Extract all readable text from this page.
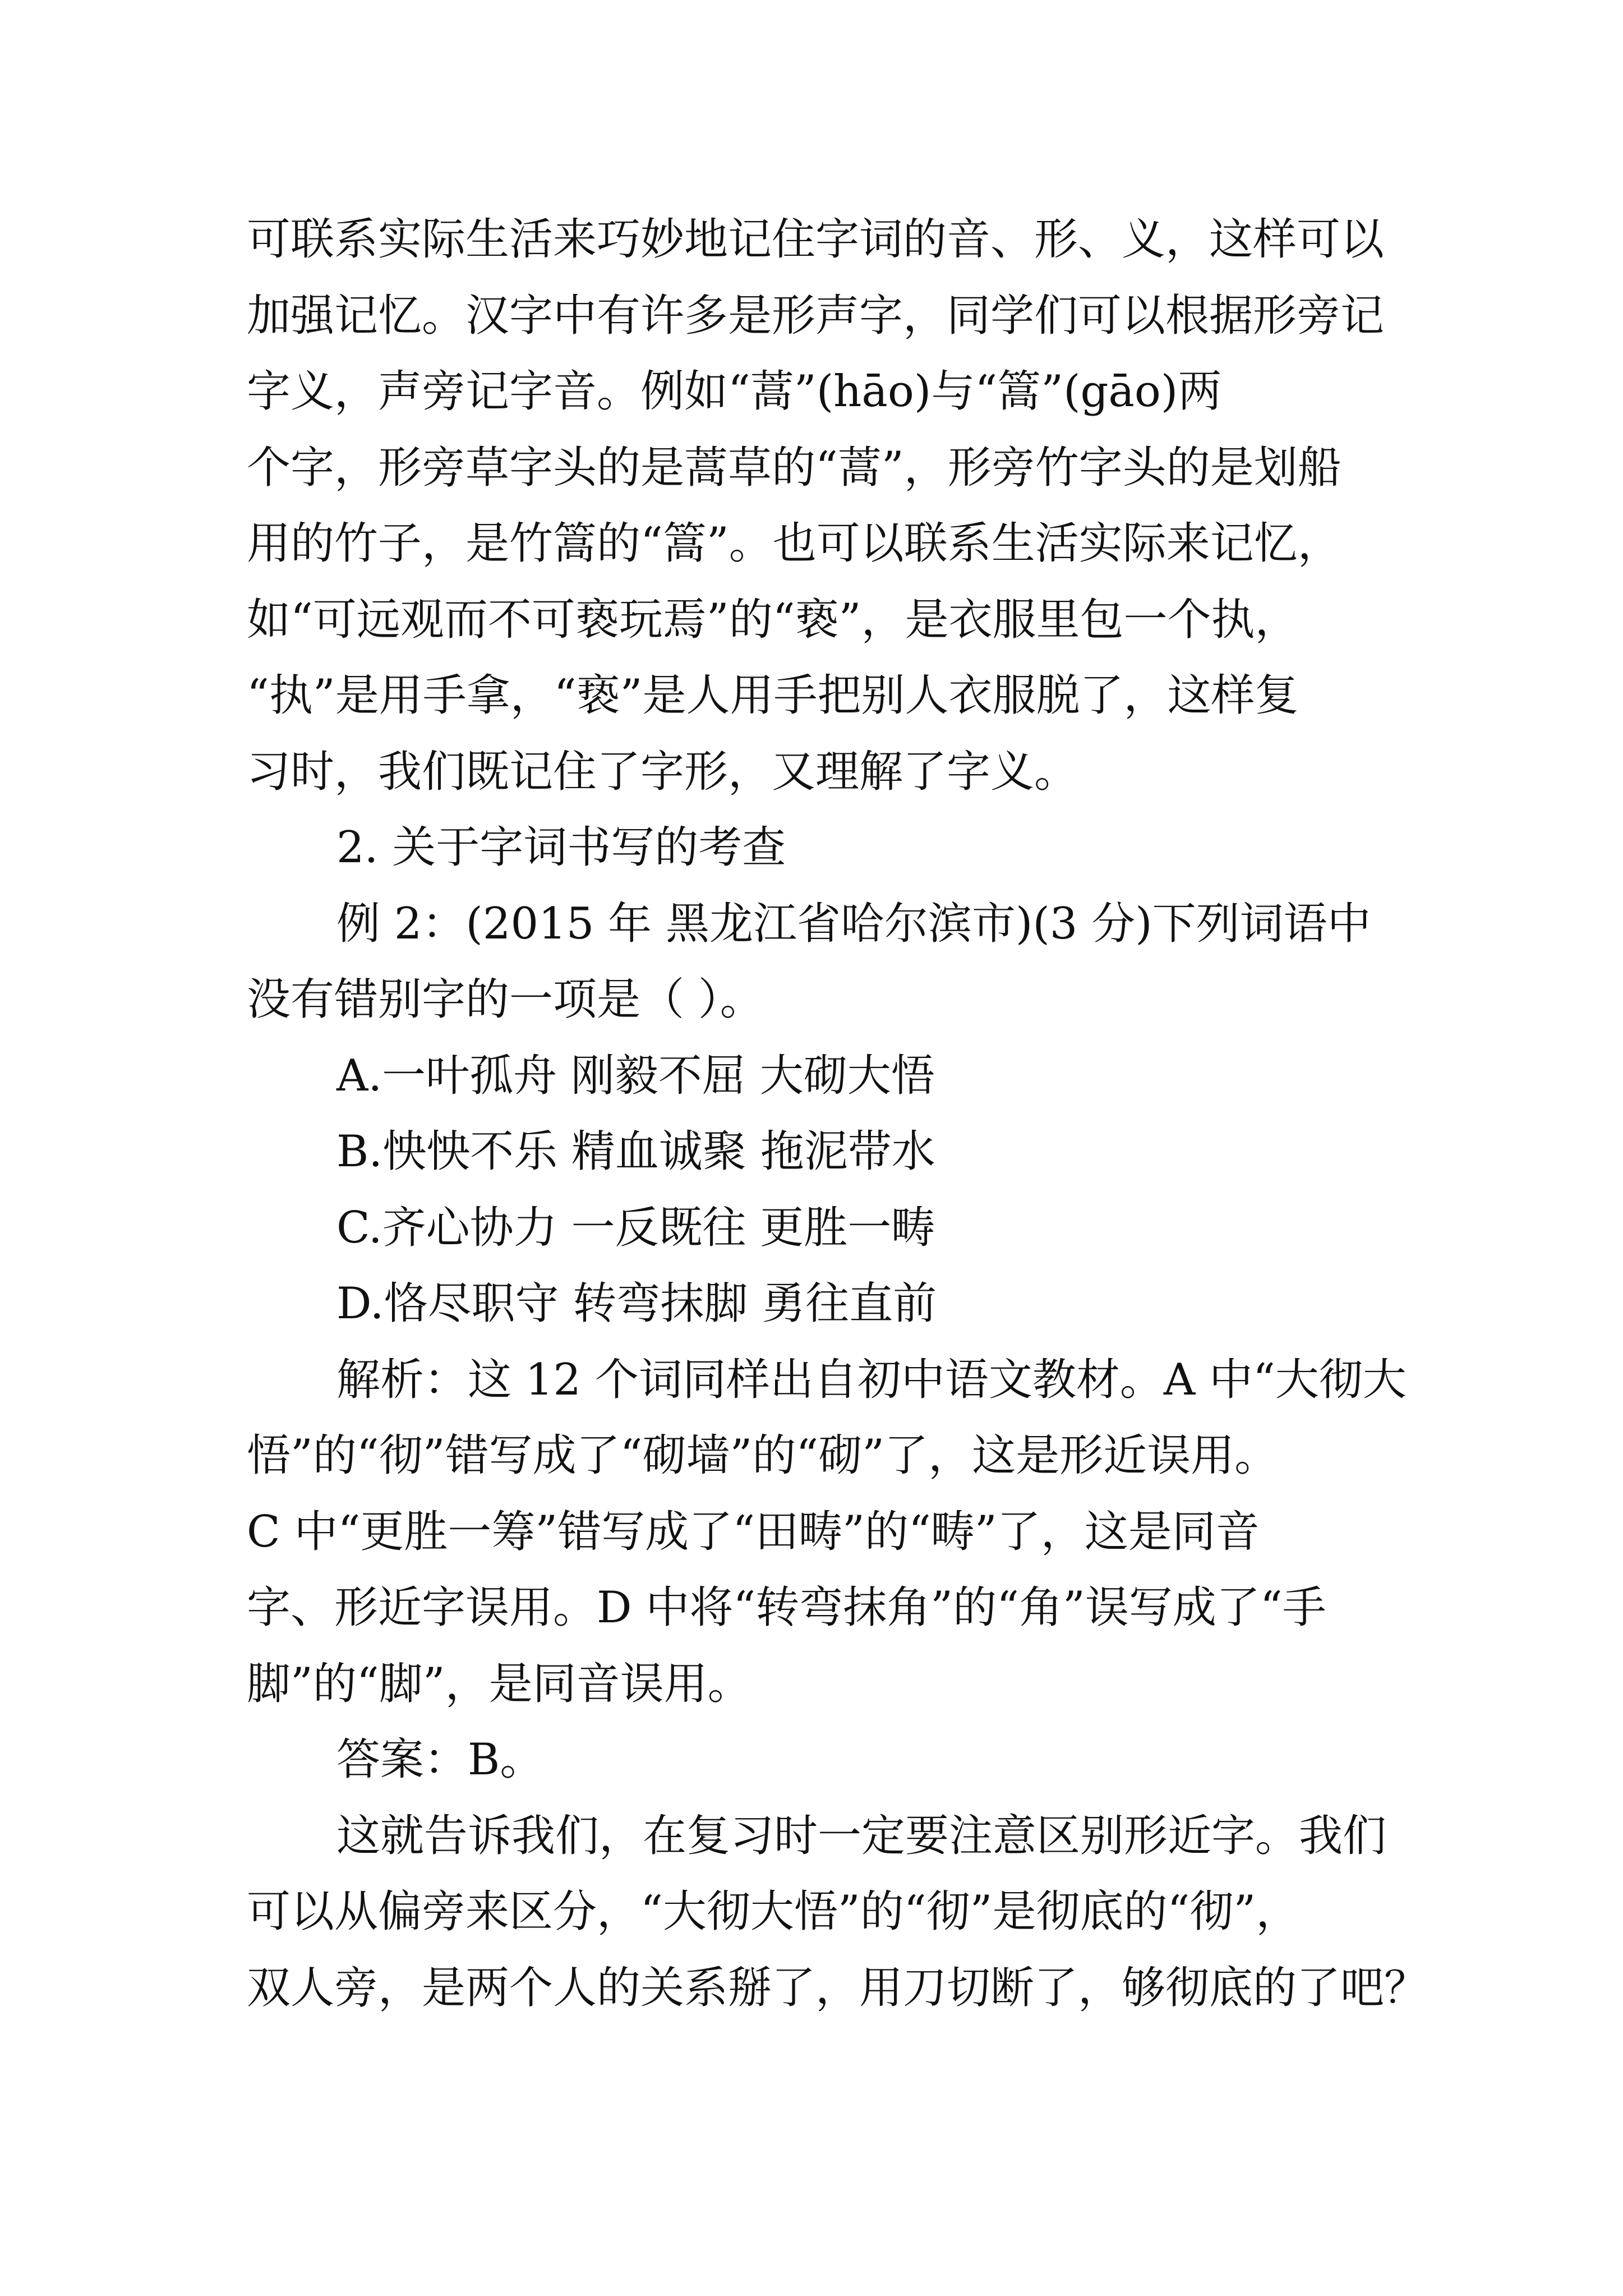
可联系实际生活来巧妙地记住字词的音、形、义，这样可以
加强记忆。汉字中有许多是形声字，同学们可以根据形旁记
字义，声旁记字音。例如“蒿”(hāo)与“篙”(gāo)两
个字，形旁草字头的是蒿草的“蒿”，形旁竹字头的是划船
用的竹子，是竹篙的“篙”。也可以联系生活实际来记忆，
如“可远观而不可亵玩焉”的“亵”，是衣服里包一个执，
“执”是用手拿，“亵”是人用手把别人衣服脱了，这样复
习时，我们既记住了字形，又理解了字义。
2. 关于字词书写的考查
例 2：(2015 年 黑龙江省哈尔滨市)(3 分)下列词语中
没有错别字的一项是（ ）。
A.一叶孤舟 刚毅不屈 大砌大悟
B.怏怏不乐 精血诚聚 拖泥带水
C.齐心协力 一反既往 更胜一畴
D.恪尽职守 转弯抹脚 勇往直前
解析：这 12 个词同样出自初中语文教材。A 中“大彻大
悟”的“彻”错写成了“砌墙”的“砌”了，这是形近误用。
C 中“更胜一筹”错写成了“田畴”的“畴”了，这是同音
字、形近字误用。D 中将“转弯抹角”的“角”误写成了“手
脚”的“脚”，是同音误用。
答案：B。
这就告诉我们，在复习时一定要注意区别形近字。我们
可以从偏旁来区分，“大彻大悟”的“彻”是彻底的“彻”，
双人旁，是两个人的关系掰了，用刀切断了，够彻底的了吧？
